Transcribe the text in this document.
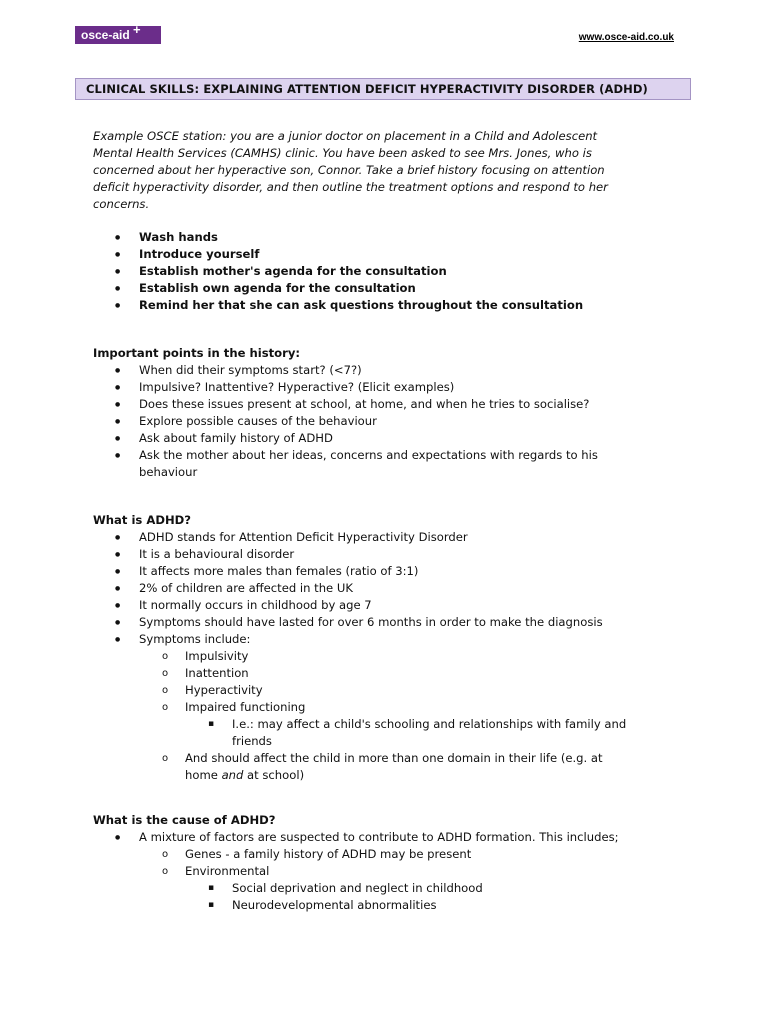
osce-aid +
www.osce-aid.co.uk
CLINICAL SKILLS: EXPLAINING ATTENTION DEFICIT HYPERACTIVITY DISORDER (ADHD)

Example OSCE station: you are a junior doctor on placement in a Child and Adolescent
Mental Health Services (CAMHS) clinic. You have been asked to see Mrs. Jones, who is
concerned about her hyperactive son, Connor. Take a brief history focusing on attention
deficit hyperactivity disorder, and then outline the treatment options and respond to her
concerns.

● Wash hands
● Introduce yourself
● Establish mother's agenda for the consultation
● Establish own agenda for the consultation
● Remind her that she can ask questions throughout the consultation

Important points in the history:

● When did their symptoms start? (<7?)
● Impulsive? Inattentive? Hyperactive? (Elicit examples)
● Does these issues present at school, at home, and when he tries to socialise?
● Explore possible causes of the behaviour
● Ask about family history of ADHD
● Ask the mother about her ideas, concerns and expectations with regards to his
behaviour

What is ADHD?

● ADHD stands for Attention Deficit Hyperactivity Disorder
● It is a behavioural disorder
● It affects more males than females (ratio of 3:1)
● 2% of children are affected in the UK
● It normally occurs in childhood by age 7
● Symptoms should have lasted for over 6 months in order to make the diagnosis
● Symptoms include:
o Impulsivity
o Inattention
o Hyperactivity
o Impaired functioning
▪ I.e.: may affect a child's schooling and relationships with family and
friends
o And should affect the child in more than one domain in their life (e.g. at
home and at school)

What is the cause of ADHD?

● A mixture of factors are suspected to contribute to ADHD formation. This includes;
o Genes - a family history of ADHD may be present
o Environmental
▪ Social deprivation and neglect in childhood
▪ Neurodevelopmental abnormalities
